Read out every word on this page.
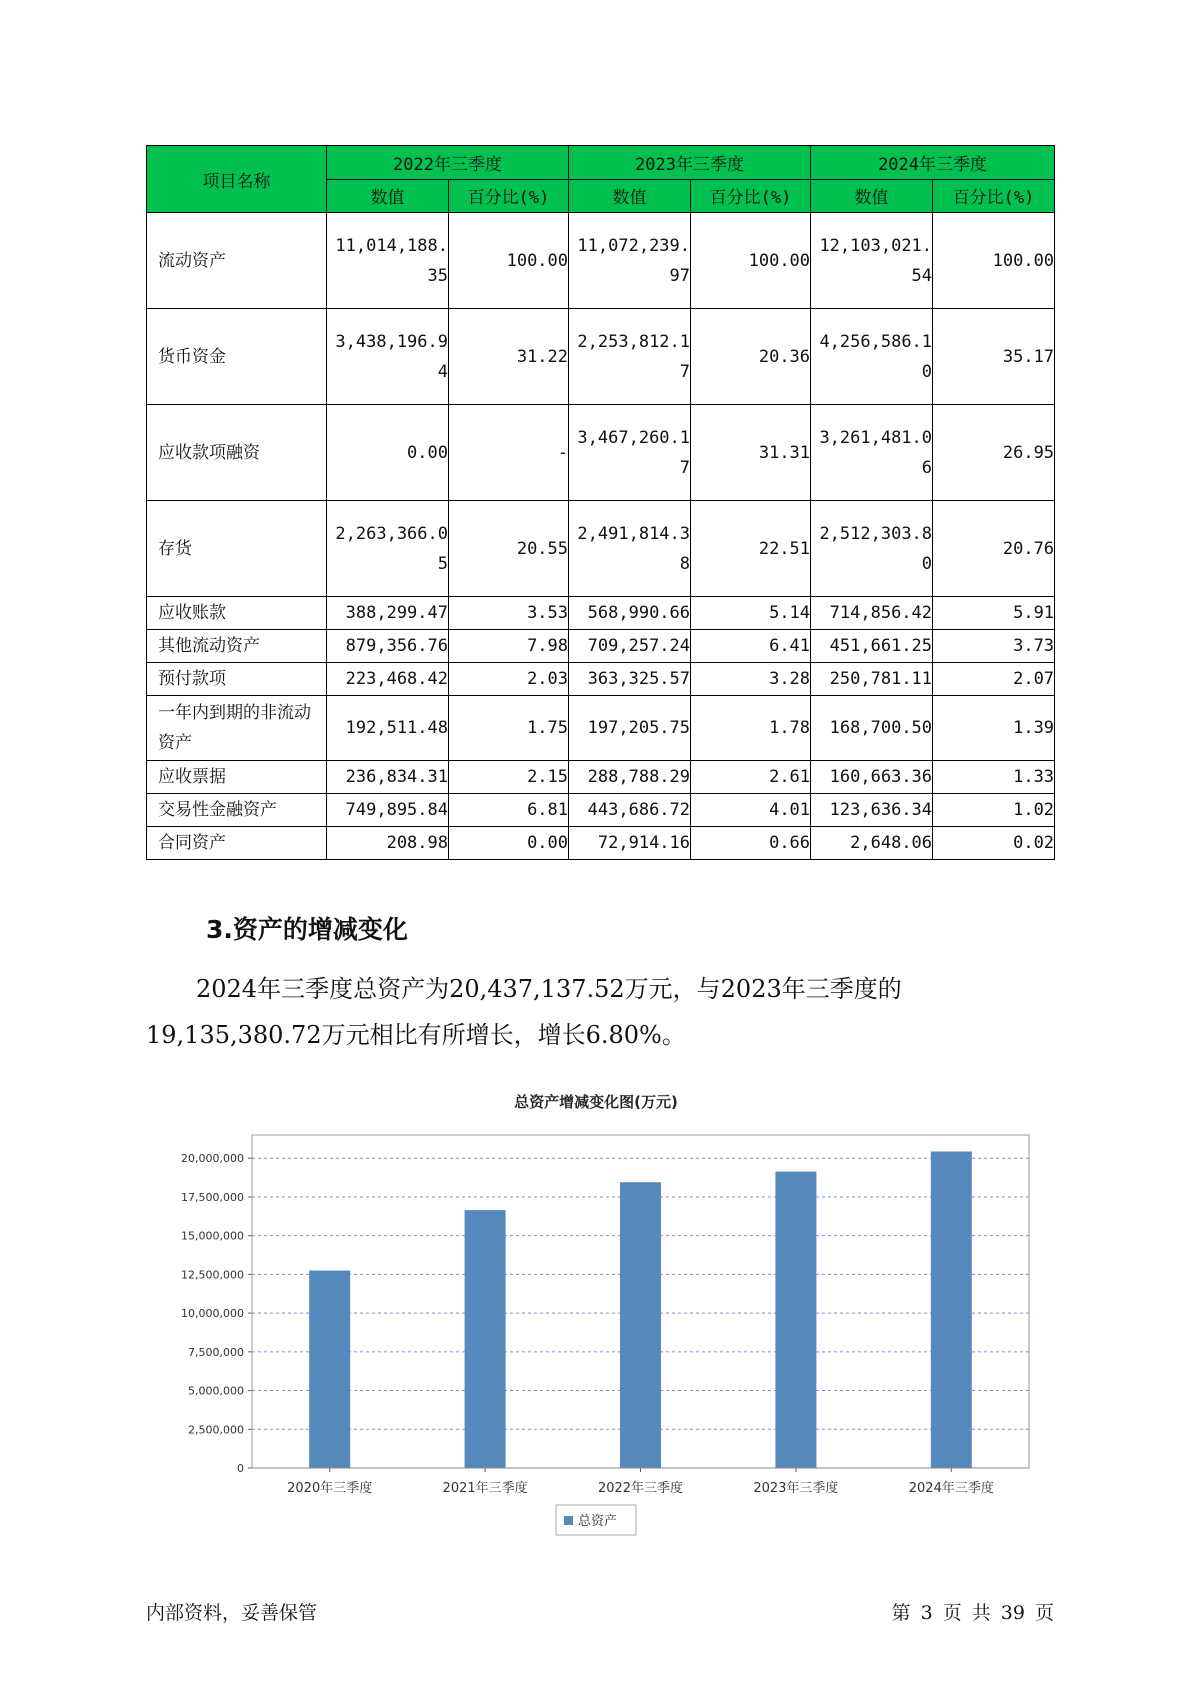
项目名称	2022年三季度		2023年三季度		2024年三季度	
	数值	百分比(%)	数值	百分比(%)	数值	百分比(%)
流动资产	11,014,188.35	100.00	11,072,239.97	100.00	12,103,021.54	100.00
货币资金	3,438,196.94	31.22	2,253,812.17	20.36	4,256,586.10	35.17
应收款项融资	0.00	-	3,467,260.17	31.31	3,261,481.06	26.95
存货	2,263,366.05	20.55	2,491,814.38	22.51	2,512,303.80	20.76
应收账款	388,299.47	3.53	568,990.66	5.14	714,856.42	5.91
其他流动资产	879,356.76	7.98	709,257.24	6.41	451,661.25	3.73
预付款项	223,468.42	2.03	363,325.57	3.28	250,781.11	2.07
一年内到期的非流动资产	192,511.48	1.75	197,205.75	1.78	168,700.50	1.39
应收票据	236,834.31	2.15	288,788.29	2.61	160,663.36	1.33
交易性金融资产	749,895.84	6.81	443,686.72	4.01	123,636.34	1.02
合同资产	208.98	0.00	72,914.16	0.66	2,648.06	0.02
3.资产的增减变化
2024年三季度总资产为20,437,137.52万元，与2023年三季度的19,135,380.72万元相比有所增长，增长6.80%。
总资产增减变化图(万元)
0
2,500,000
5,000,000
7,500,000
10,000,000
12,500,000
15,000,000
17,500,000
20,000,000
2020年三季度	2021年三季度	2022年三季度	2023年三季度	2024年三季度
总资产
内部资料，妥善保管	第 3 页 共 39 页
